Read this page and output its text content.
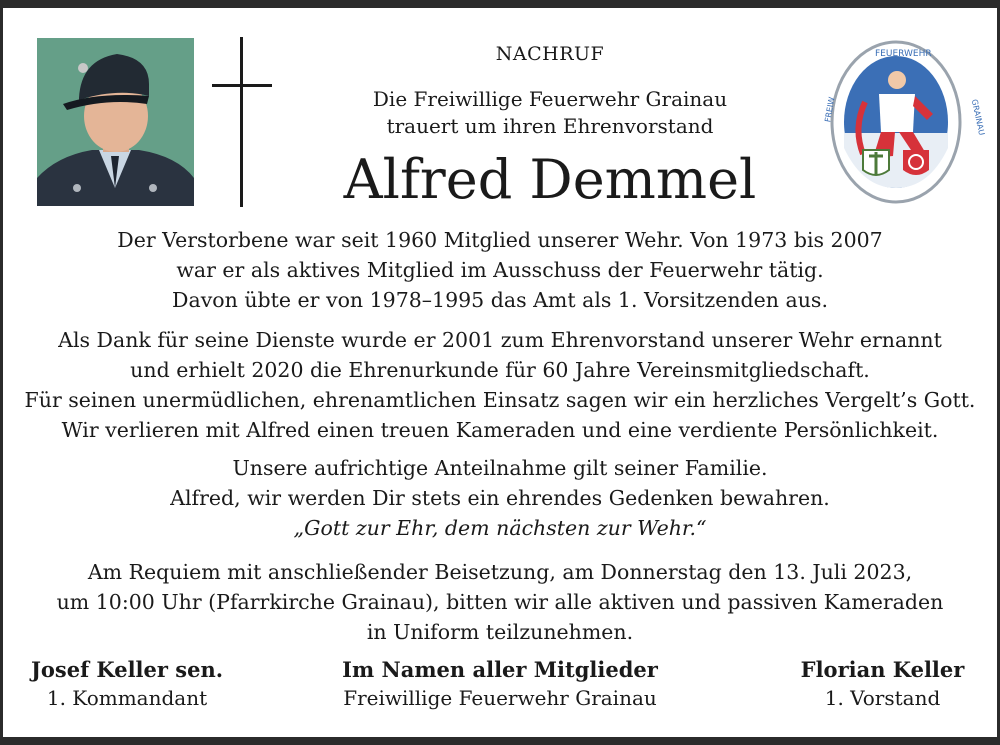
NACHRUF
Die Freiwillige Feuerwehr Grainau
trauert um ihren Ehrenvorstand
Alfred Demmel
FEUERWEHR
FREIW	GRAINAU
Der Verstorbene war seit 1960 Mitglied unserer Wehr. Von 1973 bis 2007
war er als aktives Mitglied im Ausschuss der Feuerwehr tätig.
Davon übte er von 1978–1995 das Amt als 1. Vorsitzenden aus.
Als Dank für seine Dienste wurde er 2001 zum Ehrenvorstand unserer Wehr ernannt
und erhielt 2020 die Ehrenurkunde für 60 Jahre Vereinsmitgliedschaft.
Für seinen unermüdlichen, ehrenamtlichen Einsatz sagen wir ein herzliches Vergelt’s Gott.
Wir verlieren mit Alfred einen treuen Kameraden und eine verdiente Persönlichkeit.
Unsere aufrichtige Anteilnahme gilt seiner Familie.
Alfred, wir werden Dir stets ein ehrendes Gedenken bewahren.
„Gott zur Ehr, dem nächsten zur Wehr.“
Am Requiem mit anschließender Beisetzung, am Donnerstag den 13. Juli 2023,
um 10:00 Uhr (Pfarrkirche Grainau), bitten wir alle aktiven und passiven Kameraden
in Uniform teilzunehmen.
Josef Keller sen.
1. Kommandant
Im Namen aller Mitglieder
Freiwillige Feuerwehr Grainau
Florian Keller
1. Vorstand
